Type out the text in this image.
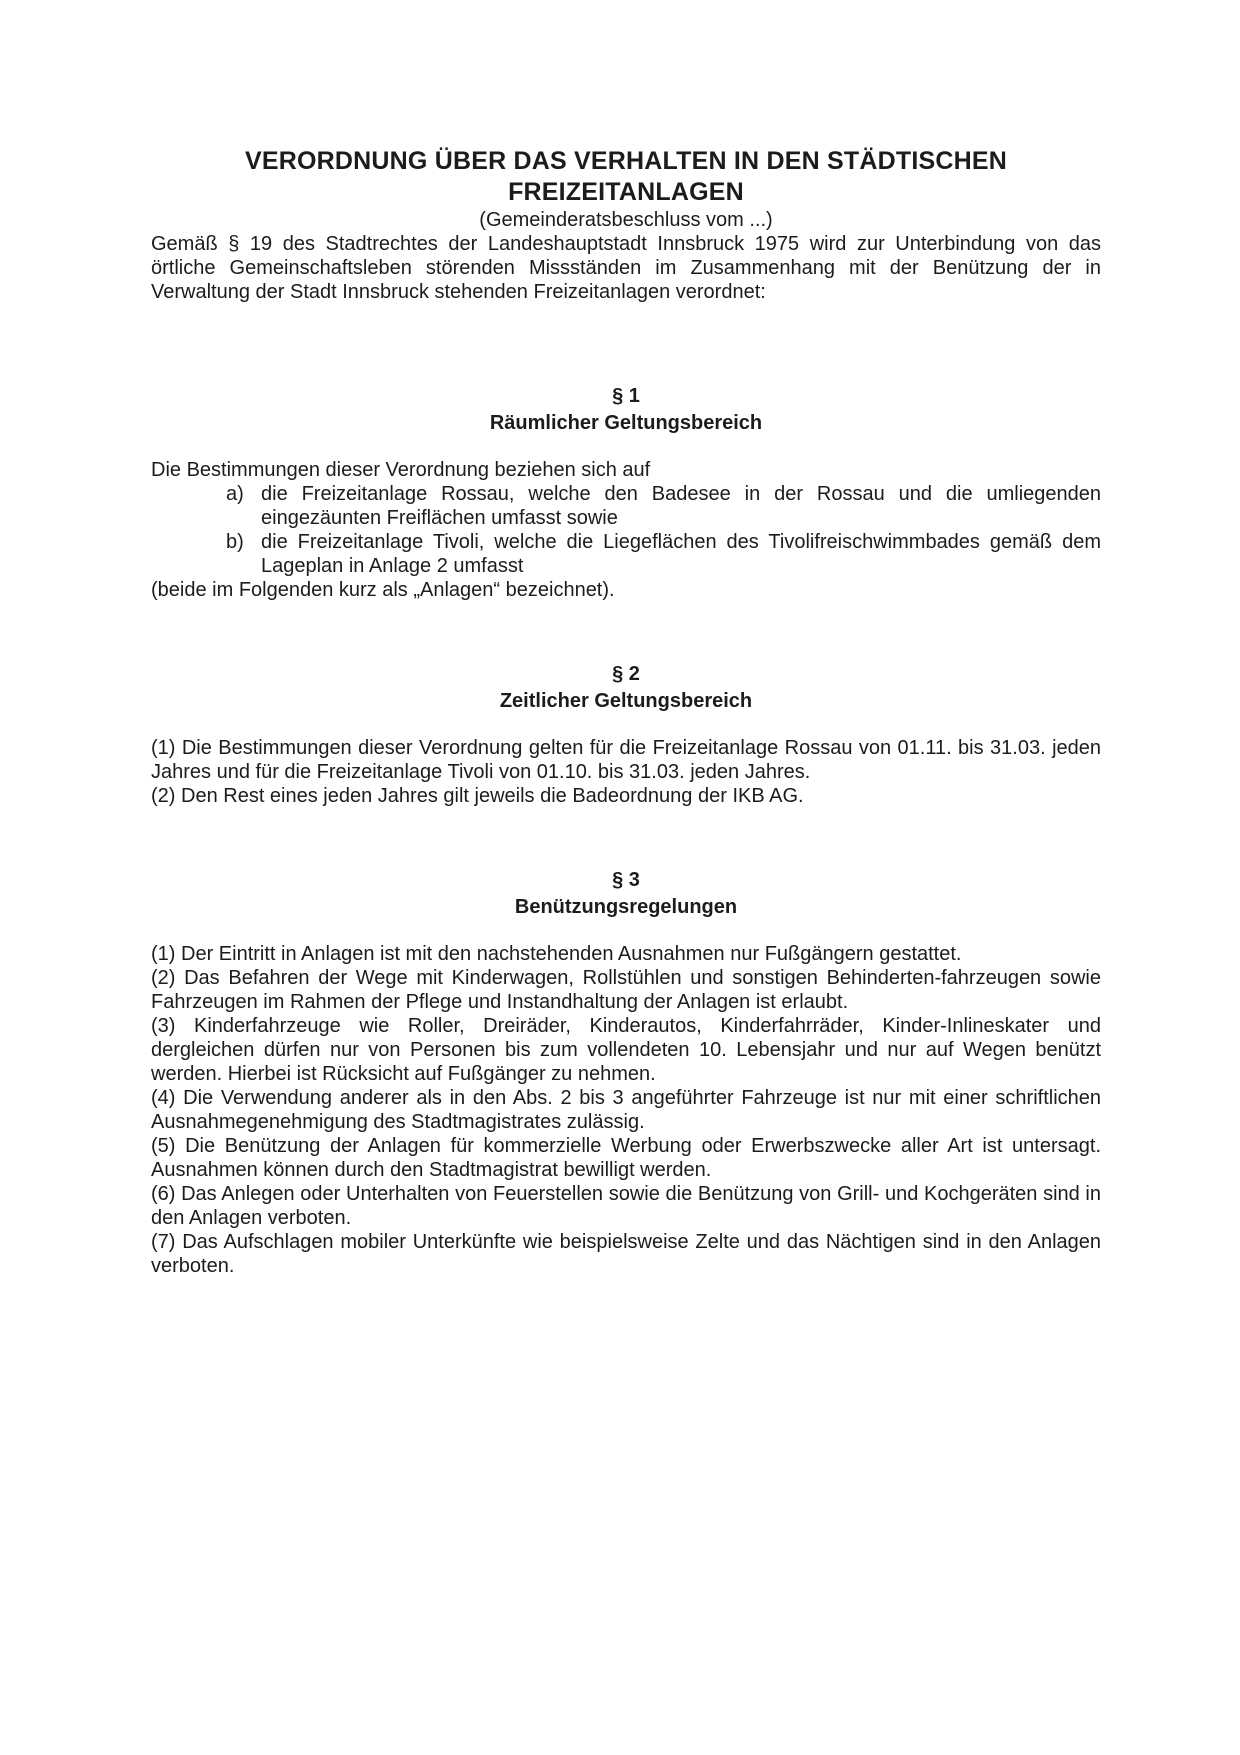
VERORDNUNG ÜBER DAS VERHALTEN IN DEN STÄDTISCHEN

FREIZEITANLAGEN

(Gemeinderatsbeschluss vom ...)

Gemäß § 19 des Stadtrechtes der Landeshauptstadt Innsbruck 1975 wird zur Unterbindung von das örtliche Gemeinschaftsleben störenden Missständen im Zusammenhang mit der Benützung der in Verwaltung der Stadt Innsbruck stehenden Freizeitanlagen verordnet:

§ 1
Räumlicher Geltungsbereich

Die Bestimmungen dieser Verordnung beziehen sich auf

a) die Freizeitanlage Rossau, welche den Badesee in der Rossau und die umliegenden eingezäunten Freiflächen umfasst sowie
b) die Freizeitanlage Tivoli, welche die Liegeflächen des Tivolifreischwimmbades gemäß dem Lageplan in Anlage 2 umfasst

(beide im Folgenden kurz als „Anlagen“ bezeichnet).

§ 2
Zeitlicher Geltungsbereich

(1) Die Bestimmungen dieser Verordnung gelten für die Freizeitanlage Rossau von 01.11. bis 31.03. jeden Jahres und für die Freizeitanlage Tivoli von 01.10. bis 31.03. jeden Jahres.

(2) Den Rest eines jeden Jahres gilt jeweils die Badeordnung der IKB AG.

§ 3
Benützungsregelungen

(1) Der Eintritt in Anlagen ist mit den nachstehenden Ausnahmen nur Fußgängern gestattet.

(2) Das Befahren der Wege mit Kinderwagen, Rollstühlen und sonstigen Behinderten-fahrzeugen sowie Fahrzeugen im Rahmen der Pflege und Instandhaltung der Anlagen ist erlaubt.

(3) Kinderfahrzeuge wie Roller, Dreiräder, Kinderautos, Kinderfahrräder, Kinder-Inlineskater und dergleichen dürfen nur von Personen bis zum vollendeten 10. Lebensjahr und nur auf Wegen benützt werden. Hierbei ist Rücksicht auf Fußgänger zu nehmen.

(4) Die Verwendung anderer als in den Abs. 2 bis 3 angeführter Fahrzeuge ist nur mit einer schriftlichen Ausnahmegenehmigung des Stadtmagistrates zulässig.

(5) Die Benützung der Anlagen für kommerzielle Werbung oder Erwerbszwecke aller Art ist untersagt. Ausnahmen können durch den Stadtmagistrat bewilligt werden.

(6) Das Anlegen oder Unterhalten von Feuerstellen sowie die Benützung von Grill- und Kochgeräten sind in den Anlagen verboten.

(7) Das Aufschlagen mobiler Unterkünfte wie beispielsweise Zelte und das Nächtigen sind in den Anlagen verboten.
